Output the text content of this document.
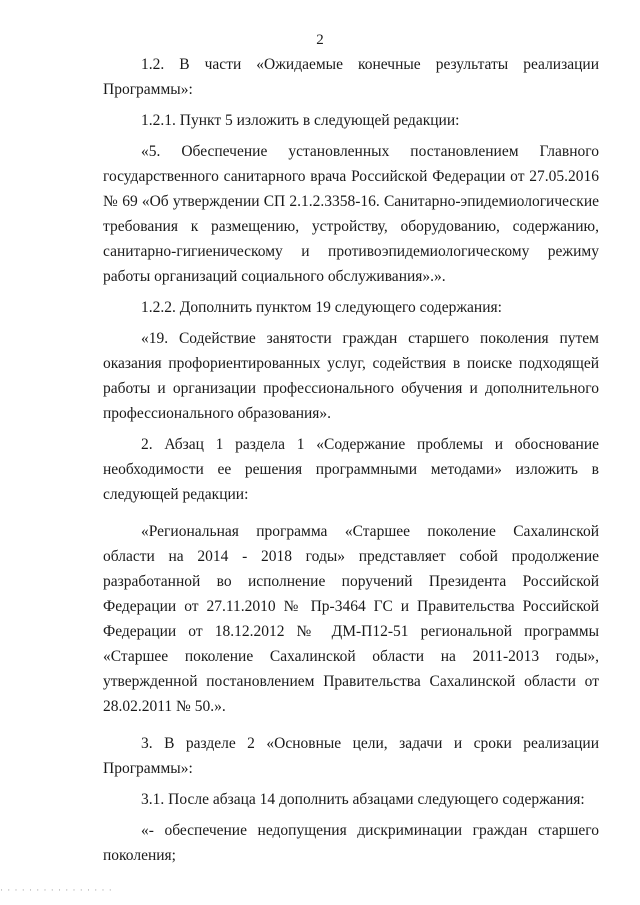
2

1.2. В части «Ожидаемые конечные результаты реализации Программы»:

1.2.1. Пункт 5 изложить в следующей редакции:

«5. Обеспечение установленных постановлением Главного государственного санитарного врача Российской Федерации от 27.05.2016 № 69 «Об утверждении СП 2.1.2.3358-16. Санитарно-эпидемиологические требования к размещению, устройству, оборудованию, содержанию, санитарно-гигиеническому и противоэпидемиологическому режиму работы организаций социального обслуживания».».

1.2.2. Дополнить пунктом 19 следующего содержания:

«19. Содействие занятости граждан старшего поколения путем оказания профориентированных услуг, содействия в поиске подходящей работы и организации профессионального обучения и дополнительного профессионального образования».

2. Абзац 1 раздела 1 «Содержание проблемы и обоснование необходимости ее решения программными методами» изложить в следующей редакции:

«Региональная программа «Старшее поколение Сахалинской области на 2014 - 2018 годы» представляет собой продолжение разработанной во исполнение поручений Президента Российской Федерации от 27.11.2010 № Пр-3464 ГС и Правительства Российской Федерации от 18.12.2012 № ДМ-П12-51 региональной программы «Старшее поколение Сахалинской области на 2011-2013 годы», утвержденной постановлением Правительства Сахалинской области от 28.02.2011 № 50.».

3. В разделе 2 «Основные цели, задачи и сроки реализации Программы»:

3.1. После абзаца 14 дополнить абзацами следующего содержания:

«- обеспечение недопущения дискриминации граждан старшего поколения;

· · · · · · · · · · · · · · · ·
